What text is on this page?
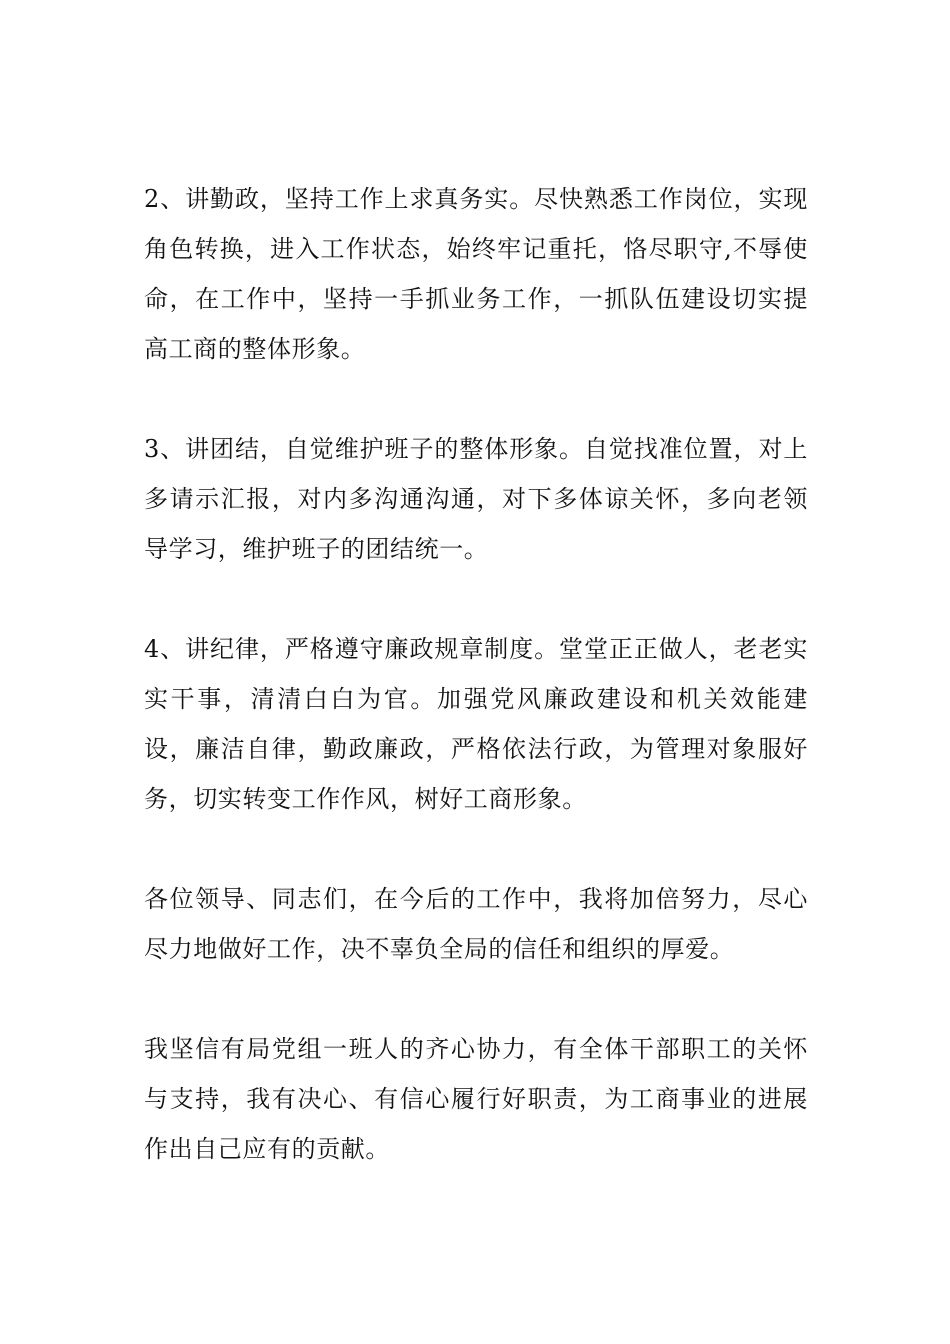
2、讲勤政，坚持工作上求真务实。尽快熟悉工作岗位，实现角色转换，进入工作状态，始终牢记重托，恪尽职守,不辱使命，在工作中，坚持一手抓业务工作，一抓队伍建设切实提高工商的整体形象。

3、讲团结，自觉维护班子的整体形象。自觉找准位置，对上多请示汇报，对内多沟通沟通，对下多体谅关怀，多向老领导学习，维护班子的团结统一。

4、讲纪律，严格遵守廉政规章制度。堂堂正正做人，老老实实干事，清清白白为官。加强党风廉政建设和机关效能建设，廉洁自律，勤政廉政，严格依法行政，为管理对象服好务，切实转变工作作风，树好工商形象。

各位领导、同志们，在今后的工作中，我将加倍努力，尽心尽力地做好工作，决不辜负全局的信任和组织的厚爱。

我坚信有局党组一班人的齐心协力，有全体干部职工的关怀与支持，我有决心、有信心履行好职责，为工商事业的进展作出自己应有的贡献。
